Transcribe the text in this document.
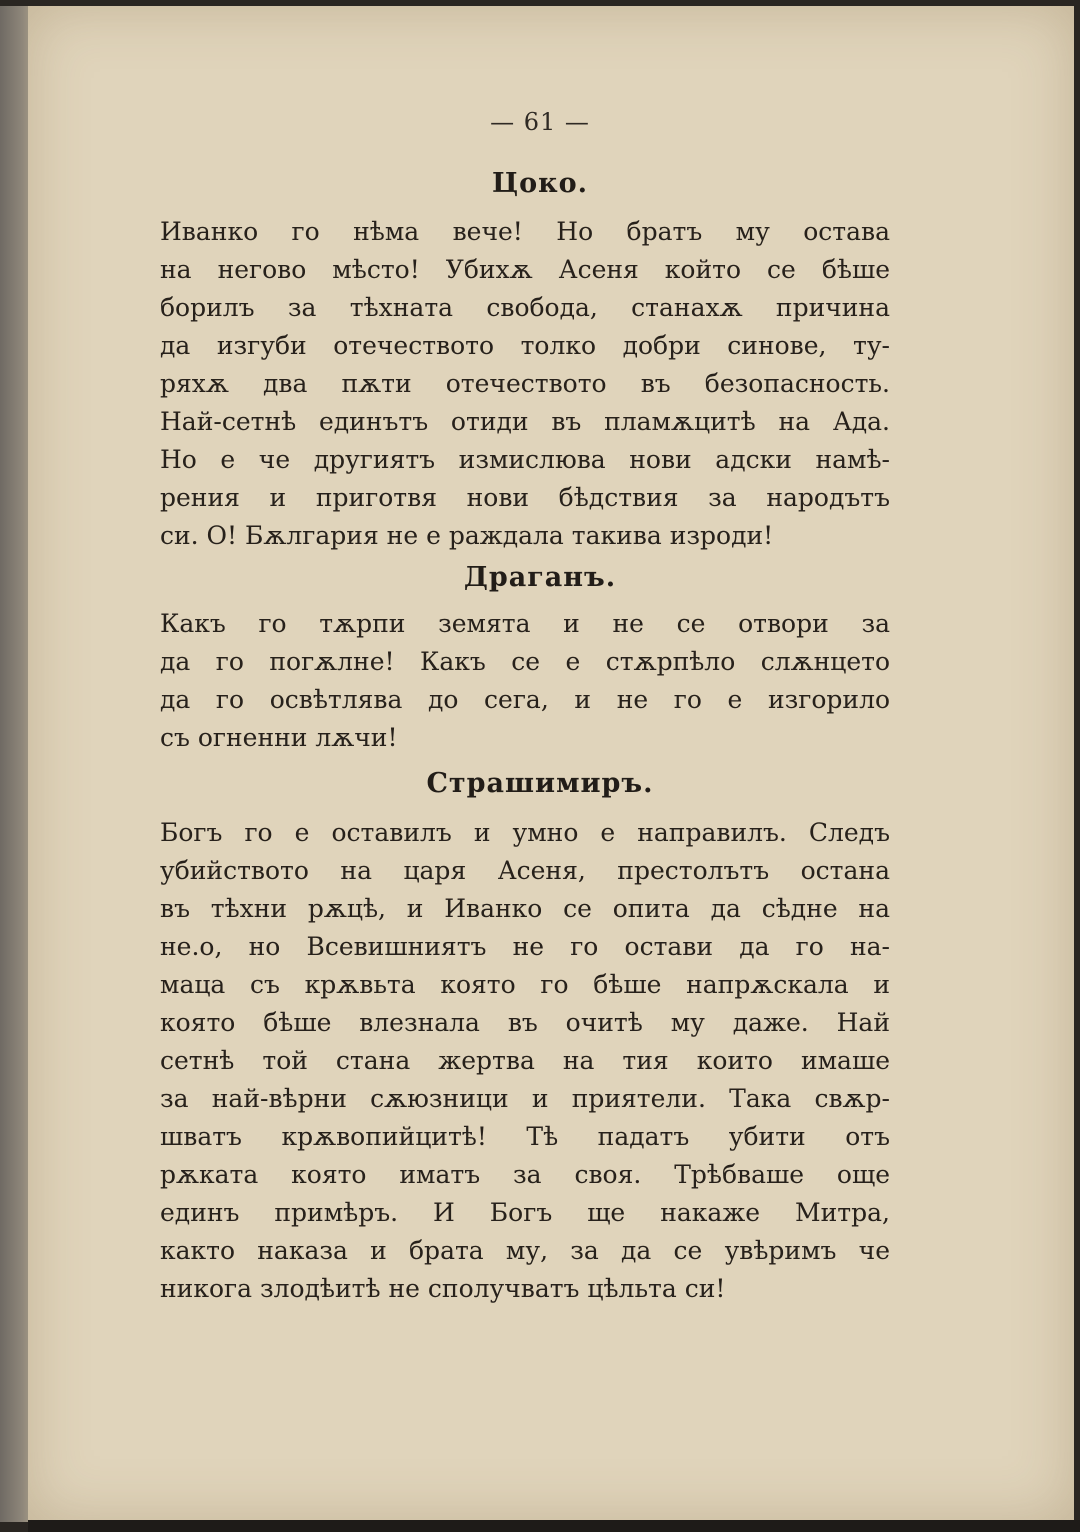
— 61 —
Цоко.
Иванко го нѣма вече! Но братъ му остава
на негово мѣсто! Убихѫ Асеня който се бѣше
борилъ за тѣхната свобода, станахѫ причина
да изгуби отечеството толко добри синове, ту-
ряхѫ два пѫти отечеството въ безопасность.
Най-сетнѣ единътъ отиди въ пламѫцитѣ на Ада.
Но е че другиятъ измислюва нови адски намѣ-
рения и приготвя нови бѣдствия за народътъ
си. О! Бѫлгария не е раждала такива изроди!
Драганъ.
Какъ го тѫрпи земята и не се отвори за
да го погѫлне! Какъ се е стѫрпѣло слѫнцето
да го освѣтлява до сега, и не го е изгорило
съ огненни лѫчи!
Страшимиръ.
Богъ го е оставилъ и умно е направилъ. Следъ
убийството на царя Асеня, престолътъ остана
въ тѣхни рѫцѣ, и Иванко се опита да сѣдне на
не.о, но Всевишниятъ не го остави да го на-
маца съ крѫвьта която го бѣше напрѫскала и
която бѣше влезнала въ очитѣ му даже. Най
сетнѣ той стана жертва на тия които имаше
за най-вѣрни сѫюзници и приятели. Така свѫр-
шватъ крѫвопийцитѣ! Тѣ падатъ убити отъ
рѫката която иматъ за своя. Трѣбваше още
единъ примѣръ. И Богъ ще накаже Митра,
както наказа и брата му, за да се увѣримъ че
никога злодѣитѣ не сполучватъ цѣльта си!
